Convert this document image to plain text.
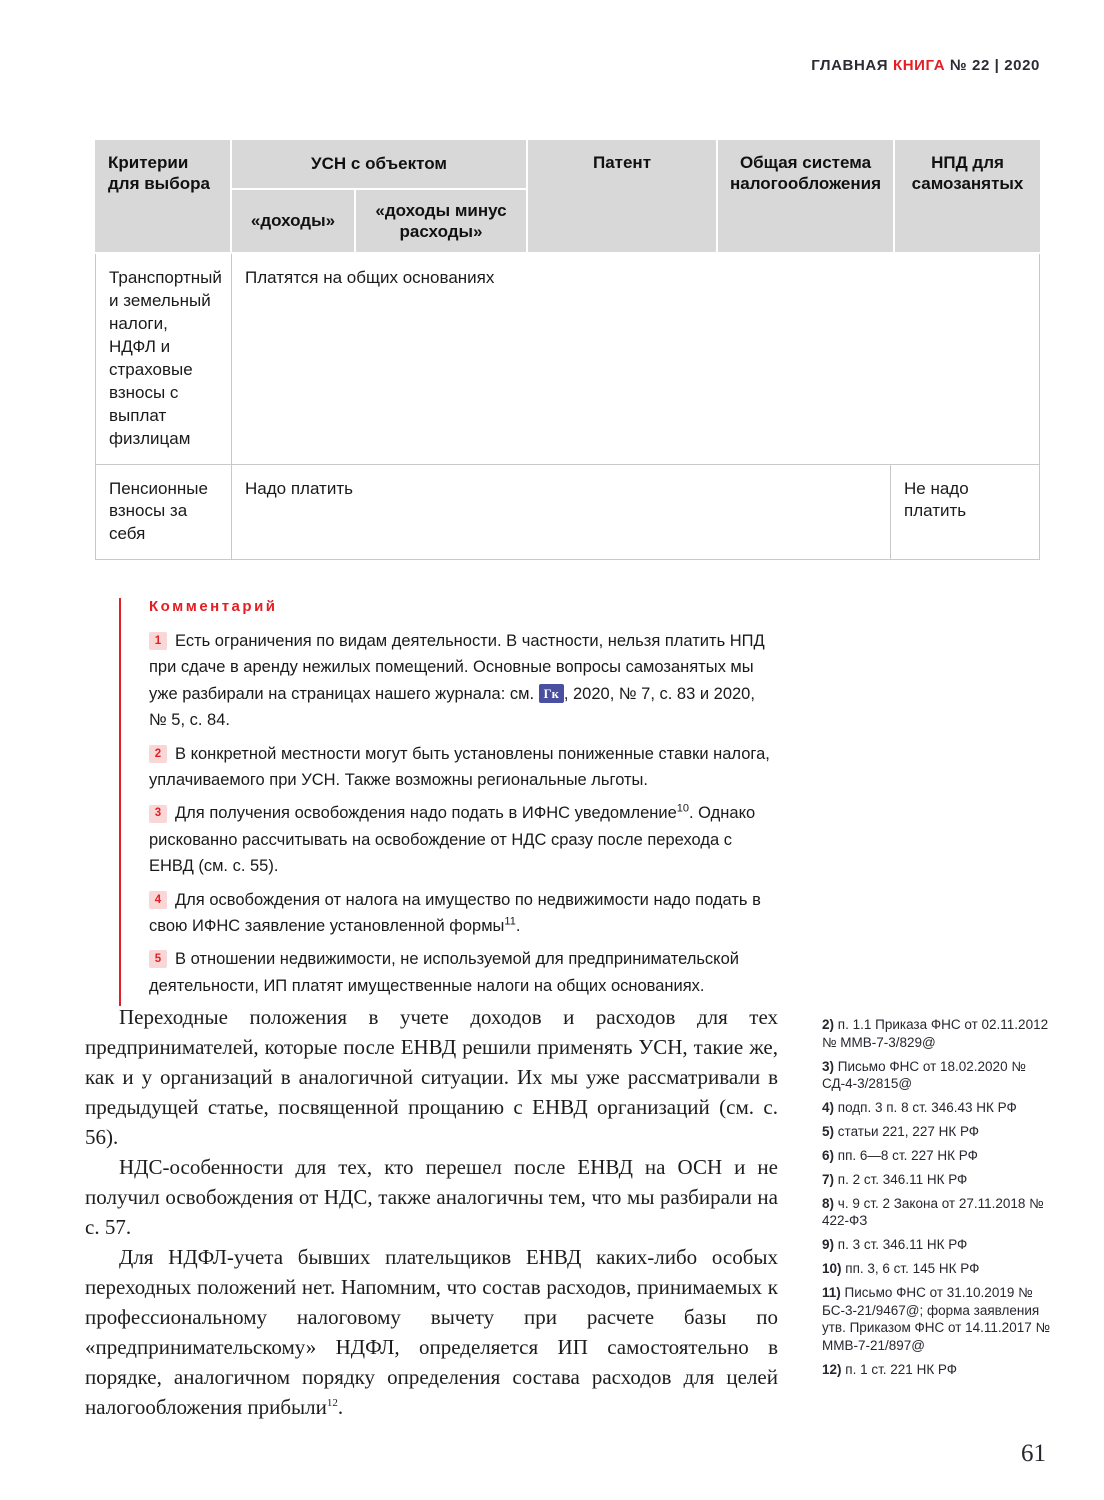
ГЛАВНАЯ КНИГА № 22 | 2020
Критерии для выбора
УСН с объектом
«доходы»
«доходы минус расходы»
Патент	Общая система налогообложения
НПД для самозанятых
Транспортный и земельный налоги, НДФЛ и страховые взносы с выплат физлицам
Платятся на общих основаниях
Пенсионные взносы за себя
Надо платить	Не надо платить
Комментарий
1 Есть ограничения по видам деятельности. В частности, нельзя платить НПД при сдаче в аренду нежилых помещений. Основные вопросы самозанятых мы уже разбирали на страницах нашего журнала: см. Гк , 2020, № 7, с. 83 и 2020, № 5, с. 84.
2 В конкретной местности могут быть установлены пониженные ставки налога, уплачиваемого при УСН. Также возможны региональные льготы.
3 Для получения освобождения надо подать в ИФНС уведомление$^{10}$. Однако рискованно рассчитывать на освобождение от НДС сразу после перехода с ЕНВД (см. с. 55).
4 Для освобождения от налога на имущество по недвижимости надо подать в свою ИФНС заявление установленной формы$^{11}$.
5 В отношении недвижимости, не используемой для предпринимательской деятельности, ИП платят имущественные налоги на общих основаниях.

Переходные положения в учете доходов и расходов для тех предпринимателей, которые после ЕНВД решили применять УСН, такие же, как и у организаций в аналогичной ситуации. Их мы уже рассматривали в предыдущей статье, посвященной прощанию с ЕНВД организаций (см. с. 56).

НДС-особенности для тех, кто перешел после ЕНВД на ОСН и не получил освобождения от НДС, также аналогичны тем, что мы разбирали на с. 57.

Для НДФЛ-учета бывших плательщиков ЕНВД каких-либо особых переходных положений нет. Напомним, что состав расходов, принимаемых к профессиональному налоговому вычету при расчете базы по «предпринимательскому» НДФЛ, определяется ИП самостоятельно в порядке, аналогичном порядку определения состава расходов для целей налогообложения прибыли$^{12}$.

2) п. 1.1 Приказа ФНС от 02.11.2012 № ММВ-7-3/829@
3) Письмо ФНС от 18.02.2020 № СД-4-3/2815@
4) подп. 3 п. 8 ст. 346.43 НК РФ
5) статьи 221, 227 НК РФ
6) пп. 6—8 ст. 227 НК РФ
7) п. 2 ст. 346.11 НК РФ
8) ч. 9 ст. 2 Закона от 27.11.2018 № 422-ФЗ
9) п. 3 ст. 346.11 НК РФ
10) пп. 3, 6 ст. 145 НК РФ
11) Письмо ФНС от 31.10.2019 № БС-3-21/9467@; форма заявления утв. Приказом ФНС от 14.11.2017 № ММВ-7-21/897@
12) п. 1 ст. 221 НК РФ
61
